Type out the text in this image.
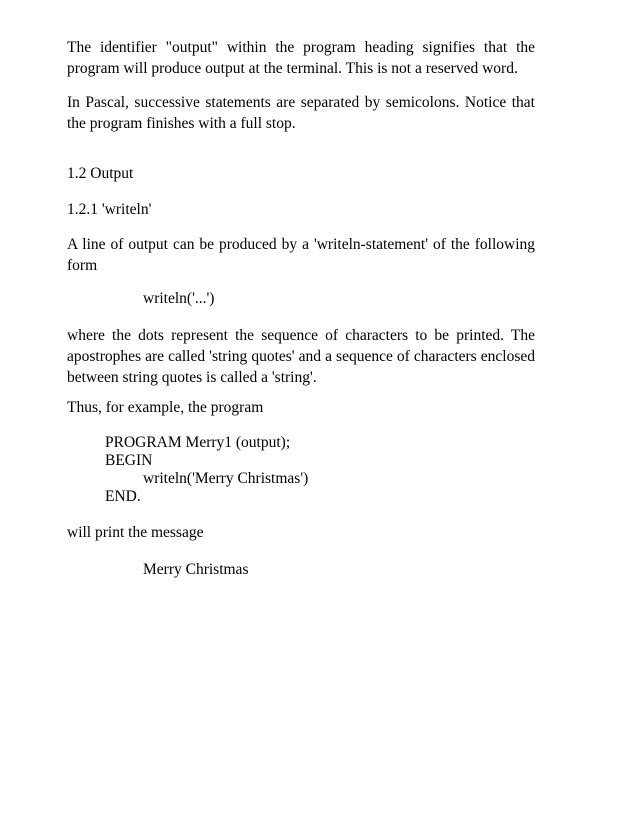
The identifier "output" within the program heading signifies that the program will produce output at the terminal. This is not a reserved word.

In Pascal, successive statements are separated by semicolons. Notice that the program finishes with a full stop.

1.2 Output

1.2.1 'writeln'

A line of output can be produced by a 'writeln-statement' of the following form

writeln('...')

where the dots represent the sequence of characters to be printed. The apostrophes are called 'string quotes' and a sequence of characters enclosed between string quotes is called a 'string'.

Thus, for example, the program

PROGRAM Merry1 (output);

BEGIN

writeln('Merry Christmas')

END.

will print the message

Merry Christmas
